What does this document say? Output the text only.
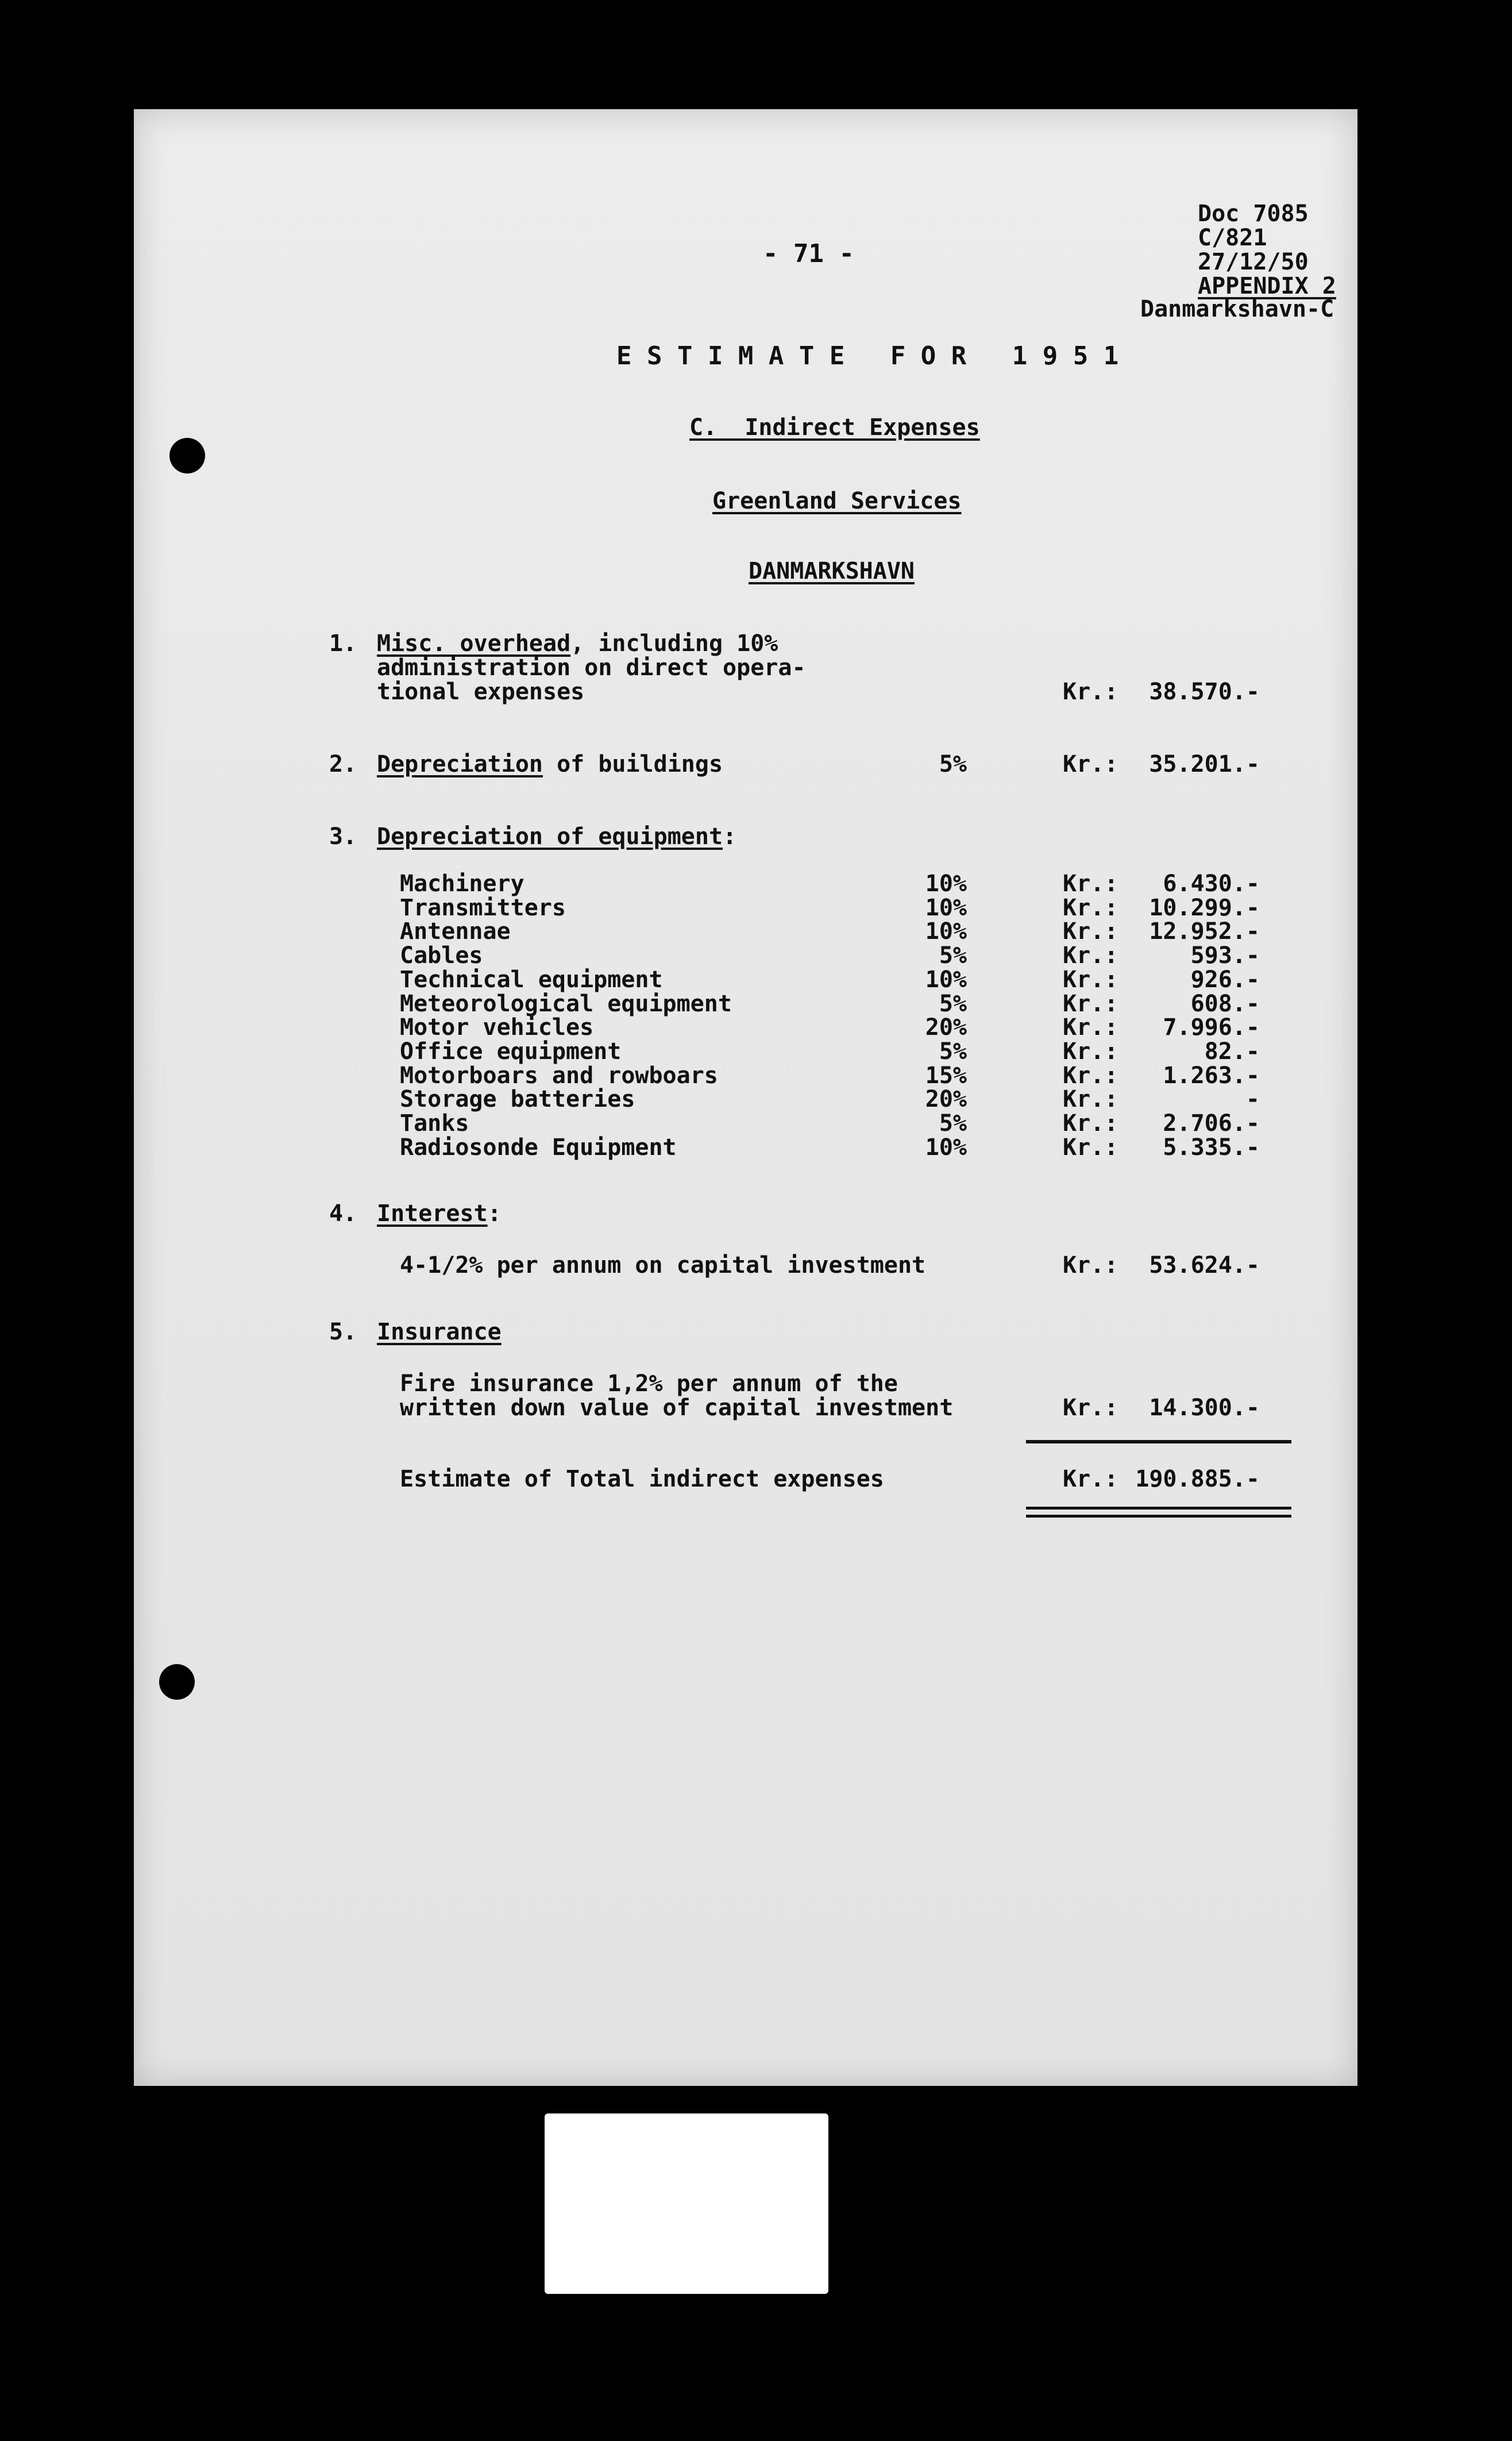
Doc 7085
C/821
27/12/50
APPENDIX 2
Danmarkshavn-C
- 71 -
E S T I M A T E   F O R   1 9 5 1
C.  Indirect Expenses
Greenland Services
DANMARKSHAVN
1. Misc. overhead, including 10%
administration on direct opera-
tional expenses	Kr.:	38.570.-
2. Depreciation of buildings	5%	Kr.:	35.201.-
3. Depreciation of equipment:
Machinery	10%	Kr.:	6.430.-
Transmitters	10%	Kr.:	10.299.-
Antennae	10%	Kr.:	12.952.-
Cables	5%	Kr.:	593.-
Technical equipment	10%	Kr.:	926.-
Meteorological equipment	5%	Kr.:	608.-
Motor vehicles	20%	Kr.:	7.996.-
Office equipment	5%	Kr.:	82.-
Motorboars and rowboars	15%	Kr.:	1.263.-
Storage batteries	20%	Kr.:	-
Tanks	5%	Kr.:	2.706.-
Radiosonde Equipment	10%	Kr.:	5.335.-
4. Interest:
4-1/2% per annum on capital investment	Kr.:	53.624.-
5. Insurance
Fire insurance 1,2% per annum of the
written down value of capital investment	Kr.:	14.300.-
Estimate of Total indirect expenses	Kr.: 190.885.-
